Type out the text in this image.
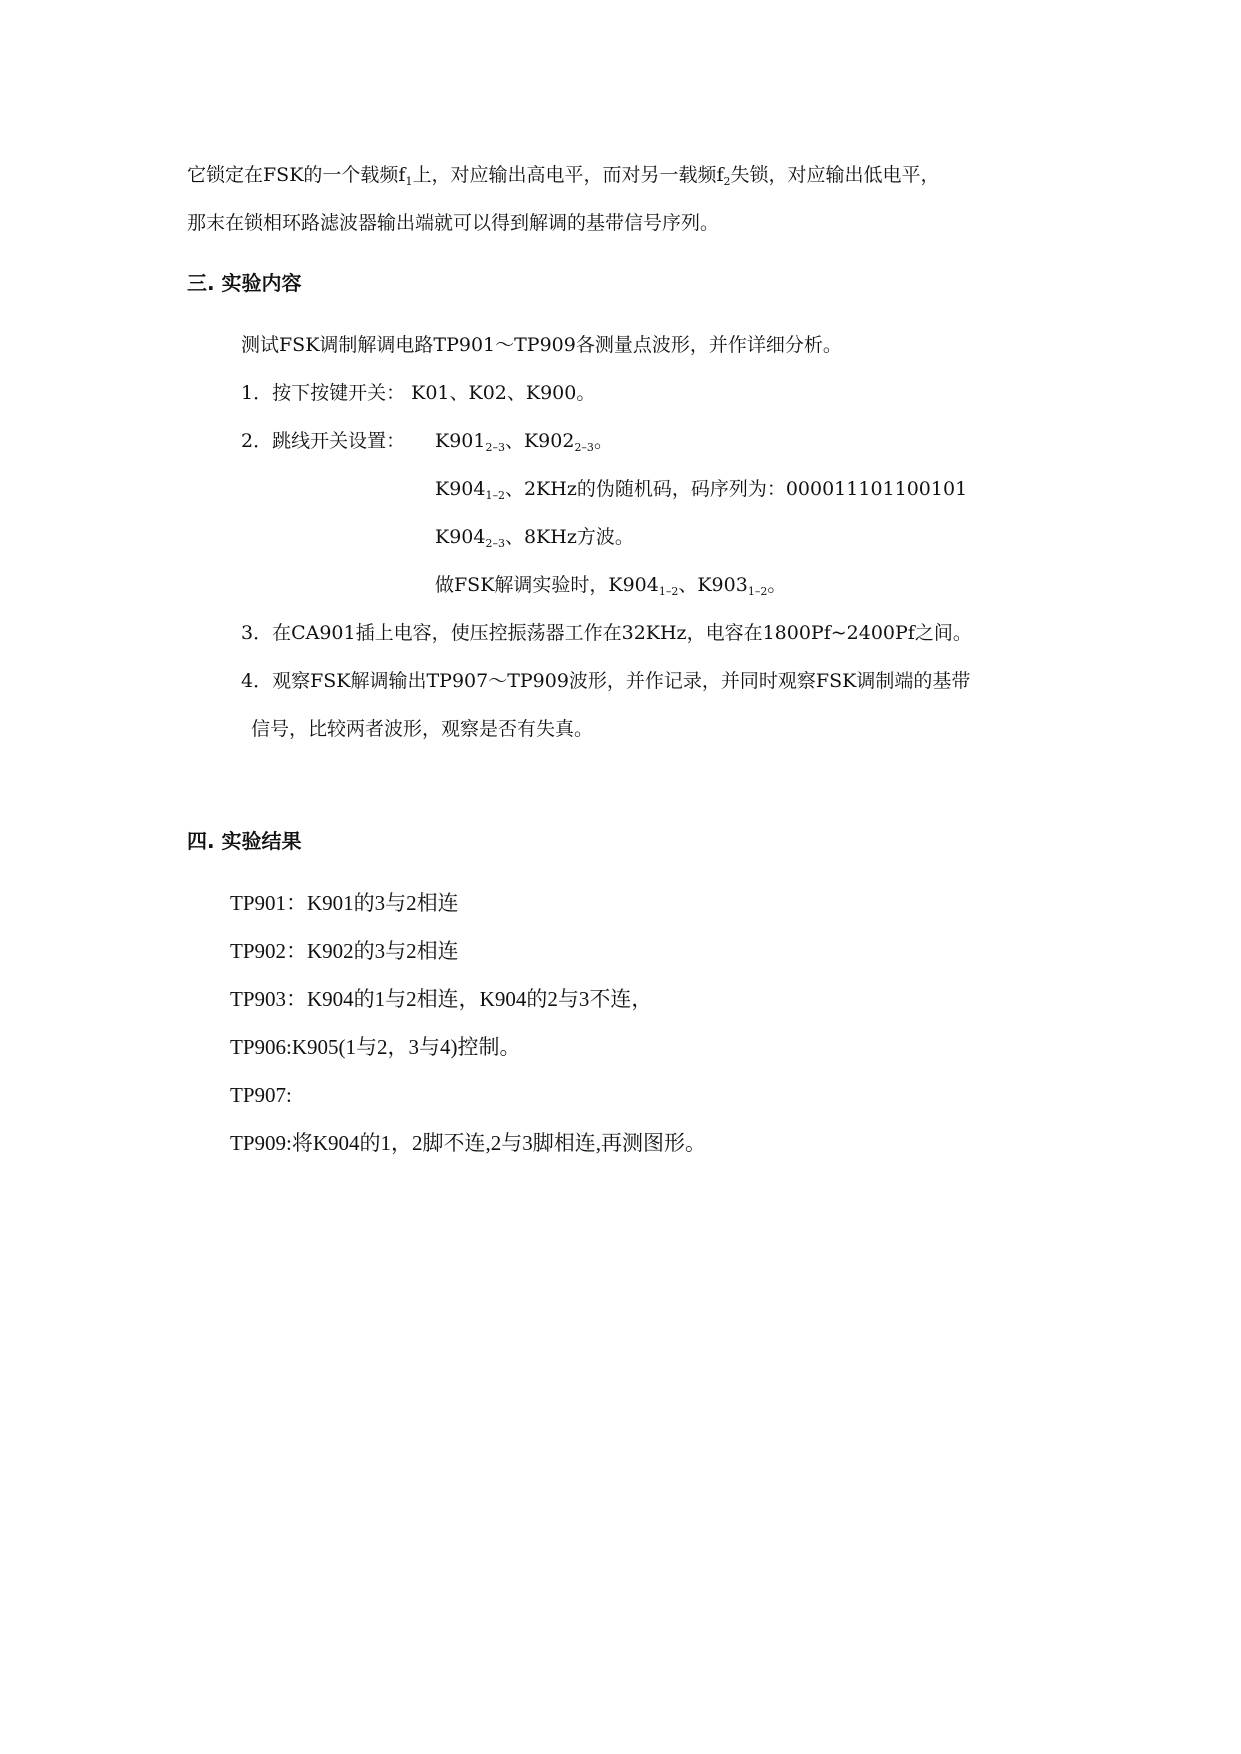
它锁定在FSK的一个载频$f_1$上，对应输出高电平，而对另一载频$f_2$失锁，对应输出低电平，
那末在锁相环路滤波器输出端就可以得到解调的基带信号序列。
三. 实验内容
测试FSK调制解调电路TP901～TP909各测量点波形，并作详细分析。
1．按下按键开关： K01、K02、K900。
2．跳线开关设置： $K901_{2-3}$、$K902_{2-3}$。
$K904_{1-2}$、2KHz的伪随机码，码序列为：000011101100101
$K904_{2-3}$、8KHz方波。
做FSK解调实验时，$K904_{1-2}$、$K903_{1-2}$。
3．在CA901插上电容，使压控振荡器工作在32KHz，电容在1800Pf~2400Pf之间。
4．观察FSK解调输出TP907～TP909波形，并作记录，并同时观察FSK调制端的基带
信号，比较两者波形，观察是否有失真。
四. 实验结果
TP901：K901的3与2相连
TP902：K902的3与2相连
TP903：K904的1与2相连，K904的2与3不连，
TP906:K905(1与2，3与4)控制。
TP907:
TP909:将K904的1，2脚不连,2与3脚相连,再测图形。
